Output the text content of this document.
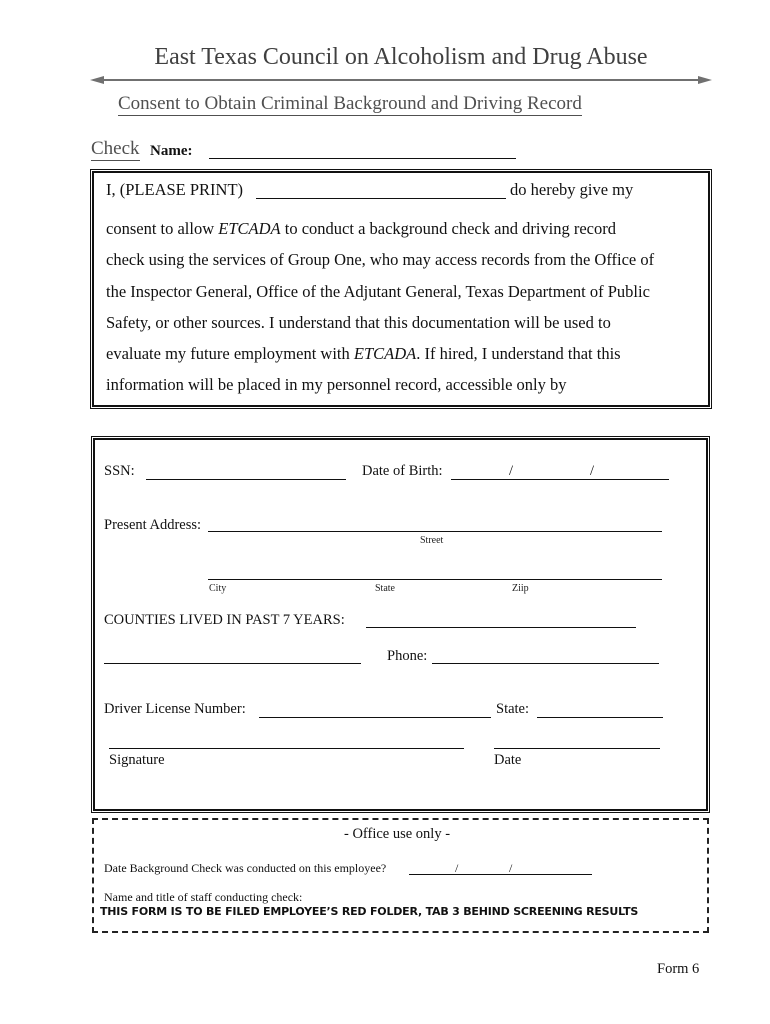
East Texas Council on Alcoholism and Drug Abuse
Consent to Obtain Criminal Background and Driving Record
Check Name:
I, (PLEASE PRINT)	do hereby give my
consent to allow ETCADA to conduct a background check and driving record
check using the services of Group One, who may access records from the Office of
the Inspector General, Office of the Adjutant General, Texas Department of Public
Safety, or other sources. I understand that this documentation will be used to
evaluate my future employment with ETCADA. If hired, I understand that this
information will be placed in my personnel record, accessible only by
SSN:	Date of Birth:	/	/
Present Address:
Street
City	State	Ziip
COUNTIES LIVED IN PAST 7 YEARS:
Phone:
Driver License Number:	State:
Signature	Date
- Office use only -
Date Background Check was conducted on this employee?	/	/
Name and title of staff conducting check:
THIS FORM IS TO BE FILED EMPLOYEE’S RED FOLDER, TAB 3 BEHIND SCREENING RESULTS
Form 6
